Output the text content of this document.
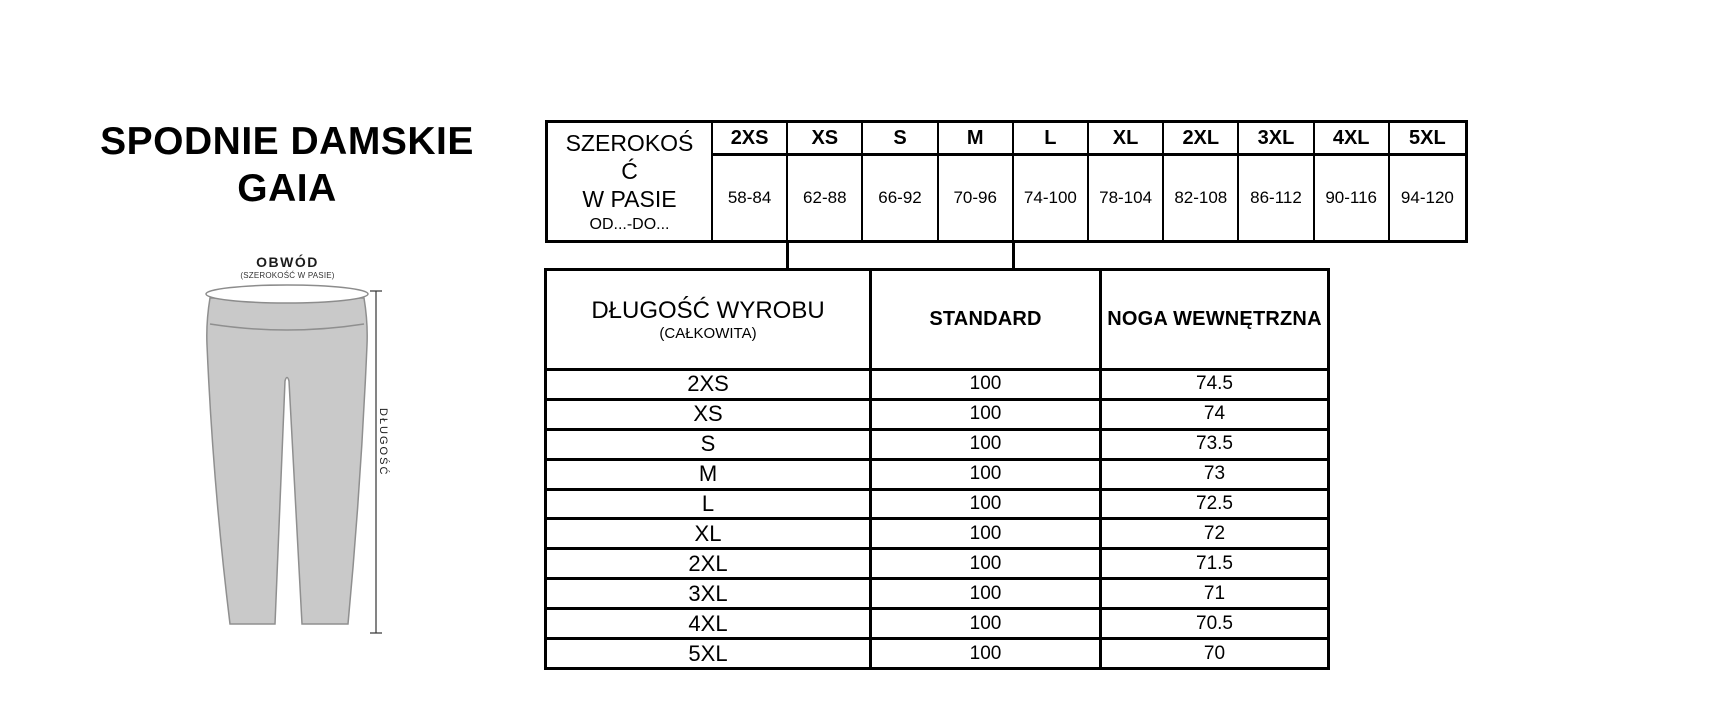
SPODNIE DAMSKIE
GAIA
OBWÓD
(SZEROKOŚĆ W PASIE)
DŁUGOŚĆ
SZEROKOŚ
Ć
W PASIE
OD...-DO...
2XS	XS	S	M	L	XL	2XL	3XL	4XL	5XL
58-84	62-88	66-92	70-96	74-100	78-104	82-108	86-112	90-116	94-120
DŁUGOŚĆ WYROBU
(CAŁKOWITA)
STANDARD	NOGA WEWNĘTRZNA
2XS	100	74.5
XS	100	74
S	100	73.5
M	100	73
L	100	72.5
XL	100	72
2XL	100	71.5
3XL	100	71
4XL	100	70.5
5XL	100	70
